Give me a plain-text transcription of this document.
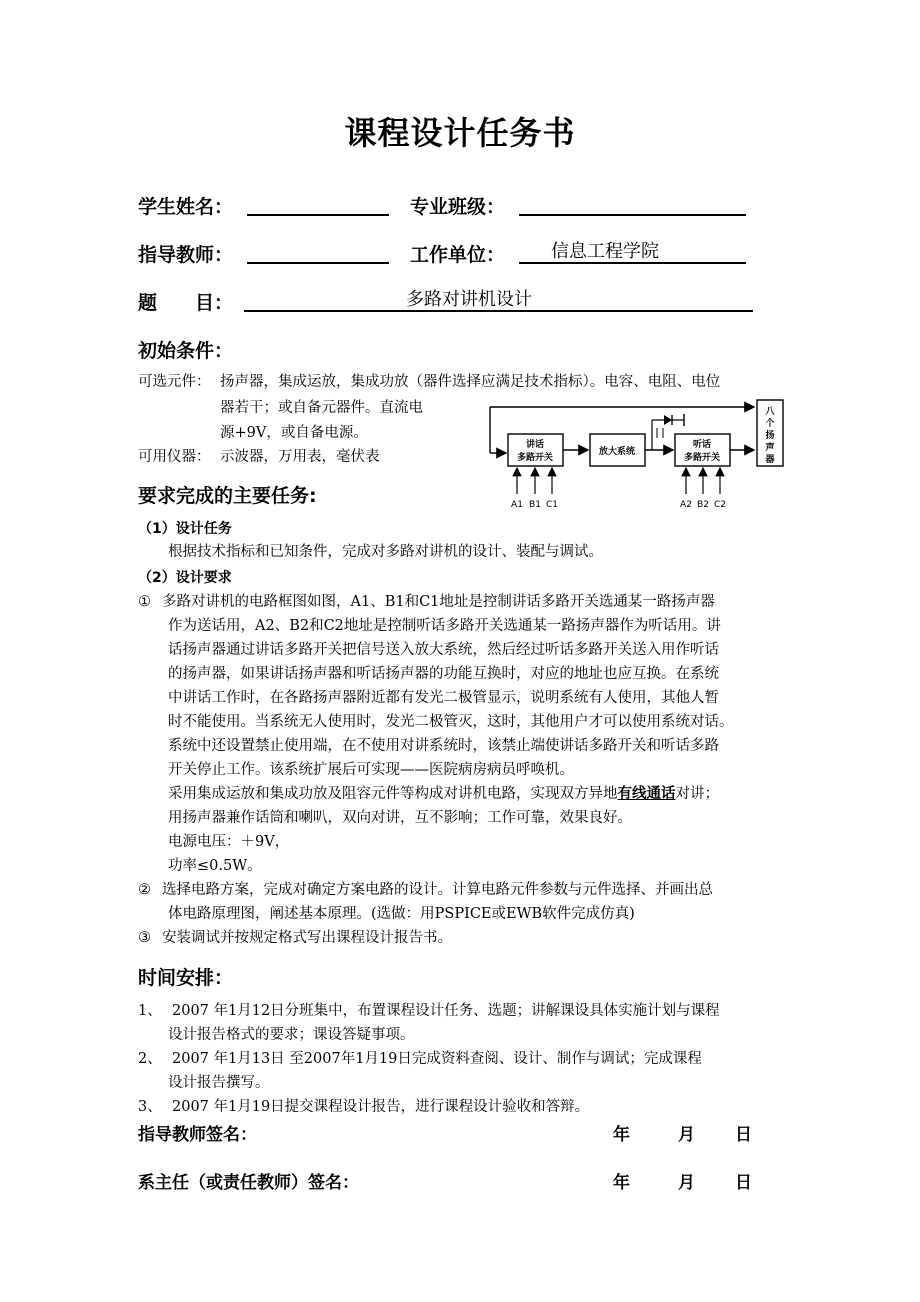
课程设计任务书
学生姓名：	专业班级：
指导教师：	工作单位：	信息工程学院
题　　目：	多路对讲机设计
初始条件：
可选元件： 扬声器，集成运放，集成功放（器件选择应满足技术指标）。电容、电阻、电位
器若干；或自备元器件。直流电
源+9V，或自备电源。
可用仪器： 示波器，万用表，毫伏表
讲话
多路开关
放大系统
听话
多路开关
八
个
扬
声
器
A1 B1 C1	A2 B2 C2
要求完成的主要任务:
（1）设计任务
根据技术指标和已知条件，完成对多路对讲机的设计、装配与调试。
（2）设计要求
① 多路对讲机的电路框图如图，A1、B1和C1地址是控制讲话多路开关选通某一路扬声器
作为送话用，A2、B2和C2地址是控制听话多路开关选通某一路扬声器作为听话用。讲
话扬声器通过讲话多路开关把信号送入放大系统，然后经过听话多路开关送入用作听话
的扬声器，如果讲话扬声器和听话扬声器的功能互换时，对应的地址也应互换。在系统
中讲话工作时，在各路扬声器附近都有发光二极管显示，说明系统有人使用，其他人暂
时不能使用。当系统无人使用时，发光二极管灭，这时，其他用户才可以使用系统对话。
系统中还设置禁止使用端，在不使用对讲系统时，该禁止端使讲话多路开关和听话多路
开关停止工作。该系统扩展后可实现——医院病房病员呼唤机。
采用集成运放和集成功放及阻容元件等构成对讲机电路，实现双方异地有线通话对讲；
用扬声器兼作话筒和喇叭，双向对讲，互不影响；工作可靠，效果良好。
电源电压：＋9V，
功率≤0.5W。
② 选择电路方案，完成对确定方案电路的设计。计算电路元件参数与元件选择、并画出总
体电路原理图，阐述基本原理。(选做：用PSPICE或EWB软件完成仿真)
③ 安装调试并按规定格式写出课程设计报告书。
时间安排：
1、 2007 年1月12日分班集中，布置课程设计任务、选题；讲解课设具体实施计划与课程
设计报告格式的要求；课设答疑事项。
2、 2007 年1月13日 至2007年1月19日完成资料查阅、设计、制作与调试；完成课程
设计报告撰写。
3、 2007 年1月19日提交课程设计报告，进行课程设计验收和答辩。
指导教师签名：	年	月 日
系主任（或责任教师）签名：	年	月 日
